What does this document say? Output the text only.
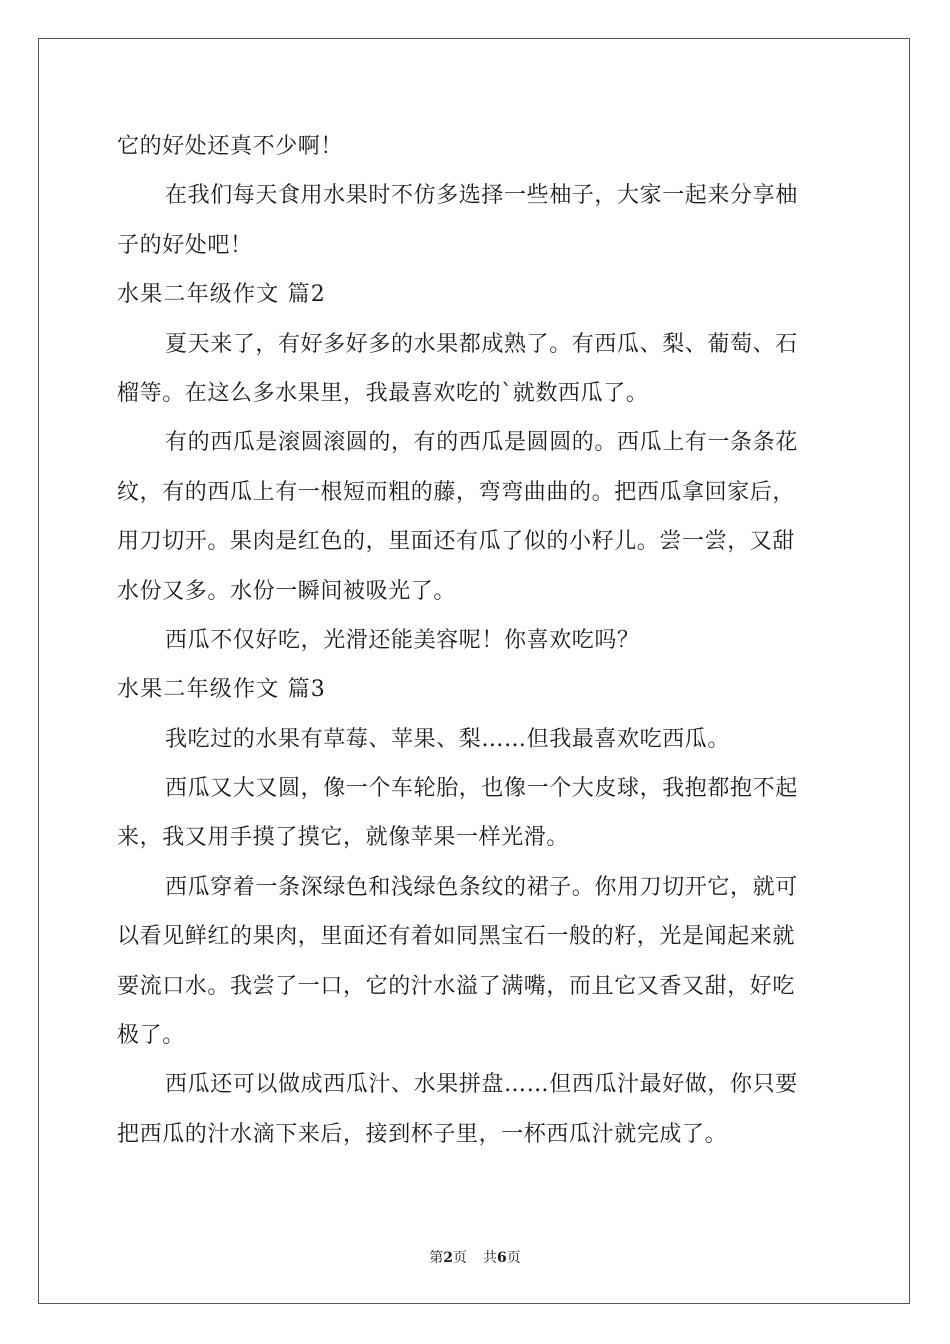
它的好处还真不少啊！
在我们每天食用水果时不仿多选择一些柚子，大家一起来分享柚
子的好处吧！
水果二年级作文 篇2
夏天来了，有好多好多的水果都成熟了。有西瓜、梨、葡萄、石
榴等。在这么多水果里，我最喜欢吃的`就数西瓜了。
有的西瓜是滚圆滚圆的，有的西瓜是圆圆的。西瓜上有一条条花
纹，有的西瓜上有一根短而粗的藤，弯弯曲曲的。把西瓜拿回家后，
用刀切开。果肉是红色的，里面还有瓜了似的小籽儿。尝一尝，又甜
水份又多。水份一瞬间被吸光了。
西瓜不仅好吃，光滑还能美容呢！你喜欢吃吗？
水果二年级作文 篇3
我吃过的水果有草莓、苹果、梨……但我最喜欢吃西瓜。
西瓜又大又圆，像一个车轮胎，也像一个大皮球，我抱都抱不起
来，我又用手摸了摸它，就像苹果一样光滑。
西瓜穿着一条深绿色和浅绿色条纹的裙子。你用刀切开它，就可
以看见鲜红的果肉，里面还有着如同黑宝石一般的籽，光是闻起来就
要流口水。我尝了一口，它的汁水溢了满嘴，而且它又香又甜，好吃
极了。
西瓜还可以做成西瓜汁、水果拼盘……但西瓜汁最好做，你只要
把西瓜的汁水滴下来后，接到杯子里，一杯西瓜汁就完成了。
第2页 共6页
